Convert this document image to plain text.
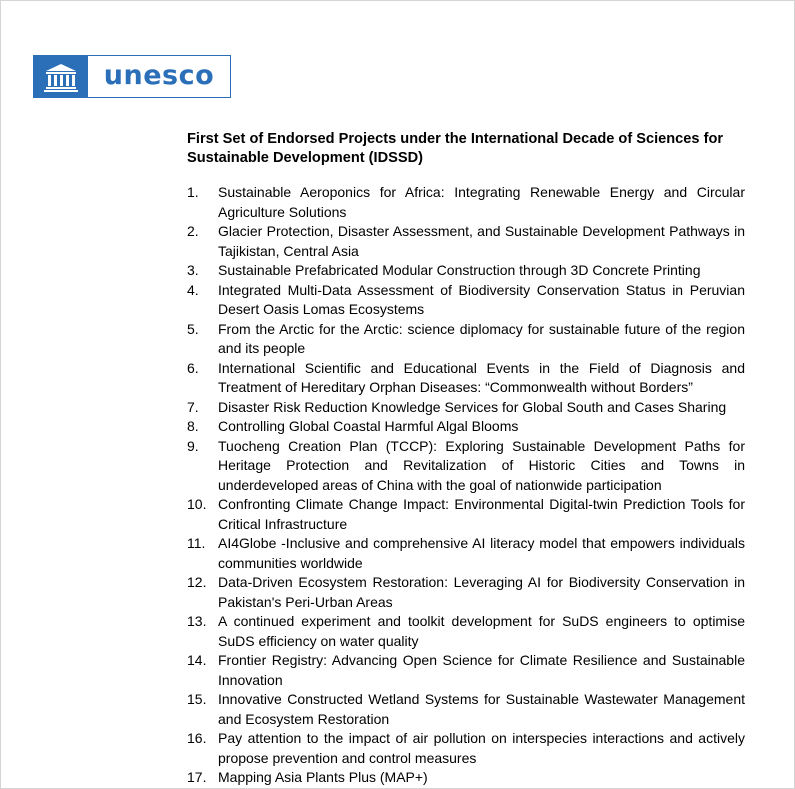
unesco
First Set of Endorsed Projects under the International Decade of Sciences for Sustainable Development (IDSSD)
1.	Sustainable Aeroponics for Africa: Integrating Renewable Energy and Circular Agriculture Solutions
2.	Glacier Protection, Disaster Assessment, and Sustainable Development Pathways in Tajikistan, Central Asia
3.	Sustainable Prefabricated Modular Construction through 3D Concrete Printing
4.	Integrated Multi-Data Assessment of Biodiversity Conservation Status in Peruvian Desert Oasis Lomas Ecosystems
5.	From the Arctic for the Arctic: science diplomacy for sustainable future of the region and its people
6.	International Scientific and Educational Events in the Field of Diagnosis and Treatment of Hereditary Orphan Diseases: “Commonwealth without Borders”
7.	Disaster Risk Reduction Knowledge Services for Global South and Cases Sharing
8.	Controlling Global Coastal Harmful Algal Blooms
9.	Tuocheng Creation Plan (TCCP): Exploring Sustainable Development Paths for Heritage Protection and Revitalization of Historic Cities and Towns in underdeveloped areas of China with the goal of nationwide participation
10. Confronting Climate Change Impact: Environmental Digital-twin Prediction Tools for Critical Infrastructure
11. AI4Globe -Inclusive and comprehensive AI literacy model that empowers individuals communities worldwide
12. Data-Driven Ecosystem Restoration: Leveraging AI for Biodiversity Conservation in Pakistan's Peri-Urban Areas
13. A continued experiment and toolkit development for SuDS engineers to optimise SuDS efficiency on water quality
14. Frontier Registry: Advancing Open Science for Climate Resilience and Sustainable Innovation
15. Innovative Constructed Wetland Systems for Sustainable Wastewater Management and Ecosystem Restoration
16. Pay attention to the impact of air pollution on interspecies interactions and actively propose prevention and control measures
17. Mapping Asia Plants Plus (MAP+)
